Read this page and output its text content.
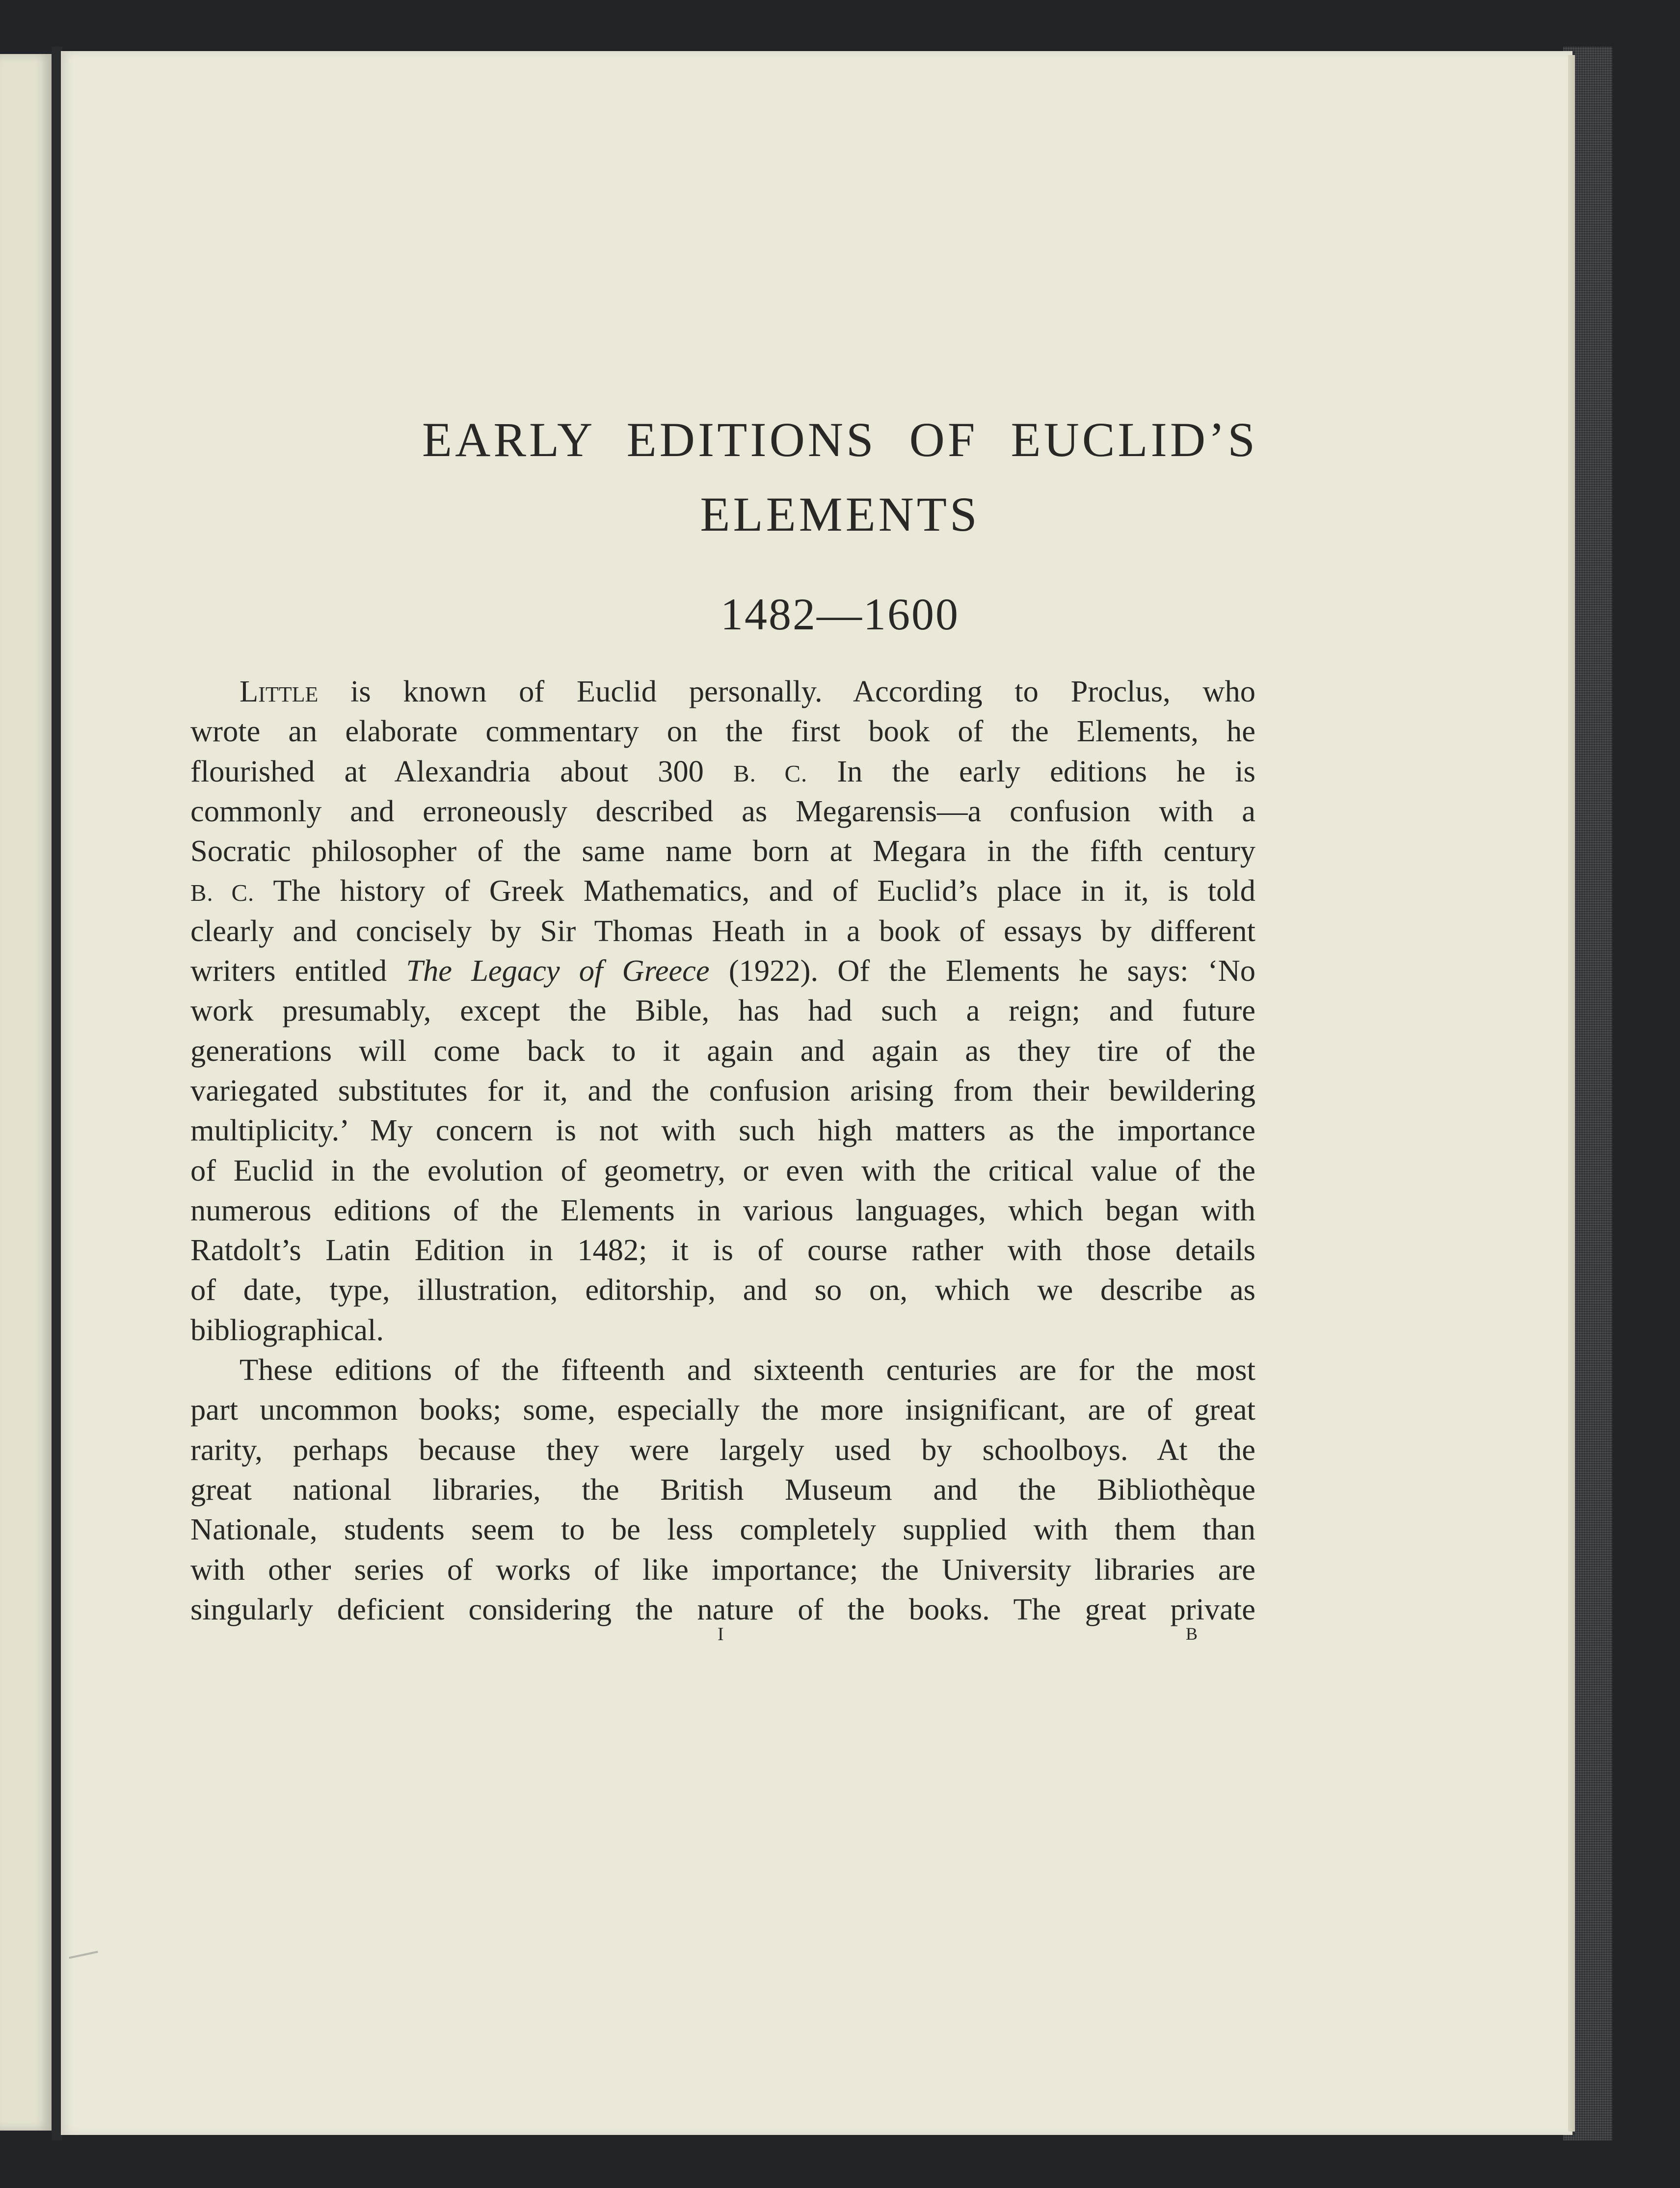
EARLY EDITIONS OF EUCLID’S
ELEMENTS
1482—1600
Little is known of Euclid personally. According to Proclus, who
wrote an elaborate commentary on the first book of the Elements, he
flourished at Alexandria about 300 B. C. In the early editions he is
commonly and erroneously described as Megarensis—a confusion with a
Socratic philosopher of the same name born at Megara in the fifth century
B. C. The history of Greek Mathematics, and of Euclid’s place in it, is told
clearly and concisely by Sir Thomas Heath in a book of essays by different
writers entitled The Legacy of Greece (1922). Of the Elements he says: ‘No
work presumably, except the Bible, has had such a reign; and future
generations will come back to it again and again as they tire of the
variegated substitutes for it, and the confusion arising from their bewildering
multiplicity.’ My concern is not with such high matters as the importance
of Euclid in the evolution of geometry, or even with the critical value of the
numerous editions of the Elements in various languages, which began with
Ratdolt’s Latin Edition in 1482; it is of course rather with those details
of date, type, illustration, editorship, and so on, which we describe as
bibliographical.
These editions of the fifteenth and sixteenth centuries are for the most
part uncommon books; some, especially the more insignificant, are of great
rarity, perhaps because they were largely used by schoolboys. At the
great national libraries, the British Museum and the Bibliothèque
Nationale, students seem to be less completely supplied with them than
with other series of works of like importance; the University libraries are
singularly deficient considering the nature of the books. The great private
I	B
